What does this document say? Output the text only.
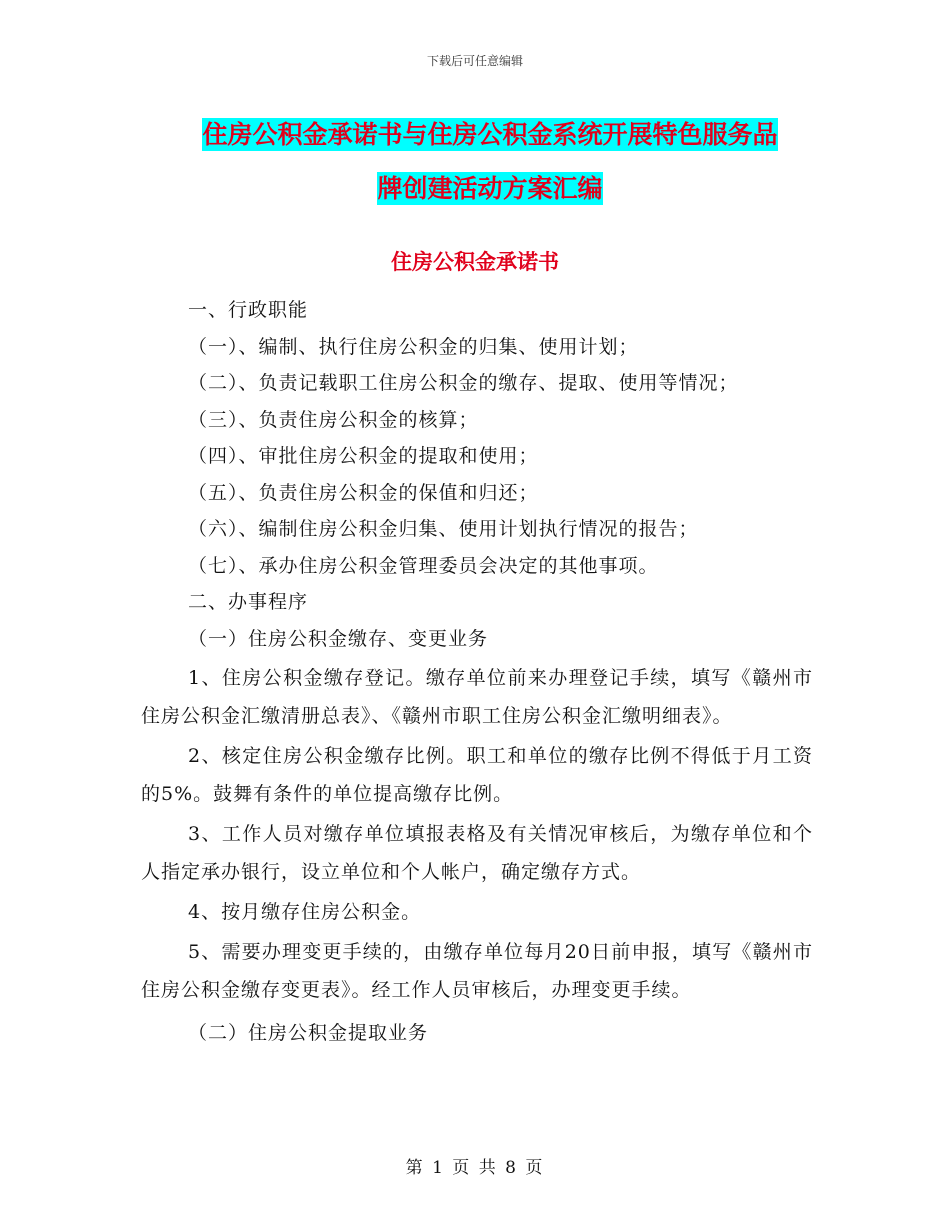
下载后可任意编辑
住房公积金承诺书与住房公积金系统开展特色服务品
牌创建活动方案汇编
住房公积金承诺书
一、行政职能
（一）、编制、执行住房公积金的归集、使用计划；
（二）、负责记载职工住房公积金的缴存、提取、使用等情况；
（三）、负责住房公积金的核算；
（四）、审批住房公积金的提取和使用；
（五）、负责住房公积金的保值和归还；
（六）、编制住房公积金归集、使用计划执行情况的报告；
（七）、承办住房公积金管理委员会决定的其他事项。
二、办事程序
（一）住房公积金缴存、变更业务
1、住房公积金缴存登记。缴存单位前来办理登记手续，填写《赣州市住房公积金汇缴清册总表》、《赣州市职工住房公积金汇缴明细表》。
2、核定住房公积金缴存比例。职工和单位的缴存比例不得低于月工资的5%。鼓舞有条件的单位提高缴存比例。
3、工作人员对缴存单位填报表格及有关情况审核后，为缴存单位和个人指定承办银行，设立单位和个人帐户，确定缴存方式。
4、按月缴存住房公积金。
5、需要办理变更手续的，由缴存单位每月20日前申报，填写《赣州市住房公积金缴存变更表》。经工作人员审核后，办理变更手续。
（二）住房公积金提取业务
第 1 页 共 8 页
